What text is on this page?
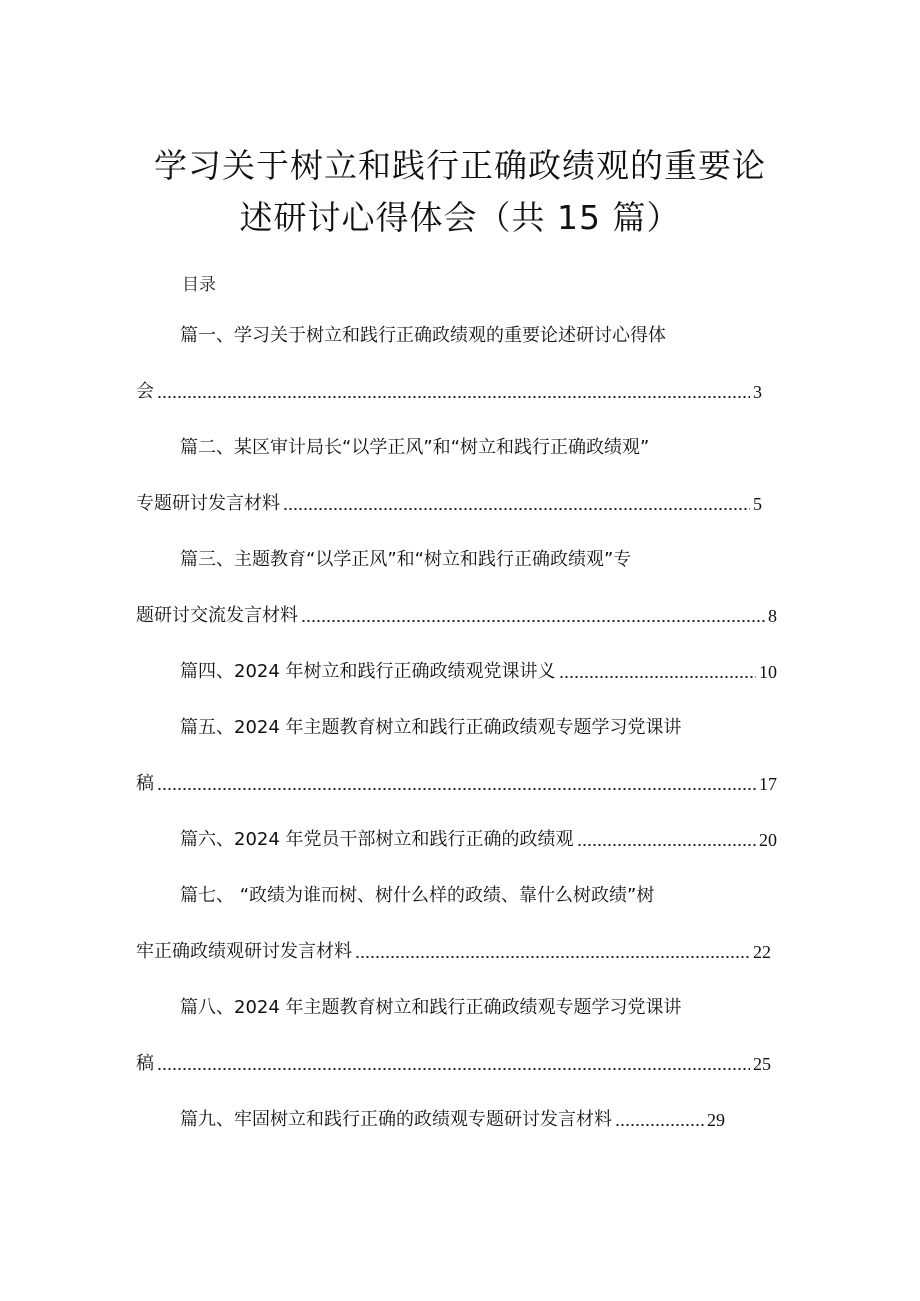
学习关于树立和践行正确政绩观的重要论
述研讨心得体会（共 15 篇）
目录
篇一、学习关于树立和践行正确政绩观的重要论述研讨心得体
会	3
篇二、某区审计局长“以学正风”和“树立和践行正确政绩观”
专题研讨发言材料	5
篇三、主题教育“以学正风”和“树立和践行正确政绩观”专
题研讨交流发言材料	8
篇四、2024 年树立和践行正确政绩观党课讲义	10
篇五、2024 年主题教育树立和践行正确政绩观专题学习党课讲
稿	17
篇六、2024 年党员干部树立和践行正确的政绩观	20
篇七、 “政绩为谁而树、树什么样的政绩、靠什么树政绩”树
牢正确政绩观研讨发言材料	22
篇八、2024 年主题教育树立和践行正确政绩观专题学习党课讲
稿	25
篇九、牢固树立和践行正确的政绩观专题研讨发言材料	29
